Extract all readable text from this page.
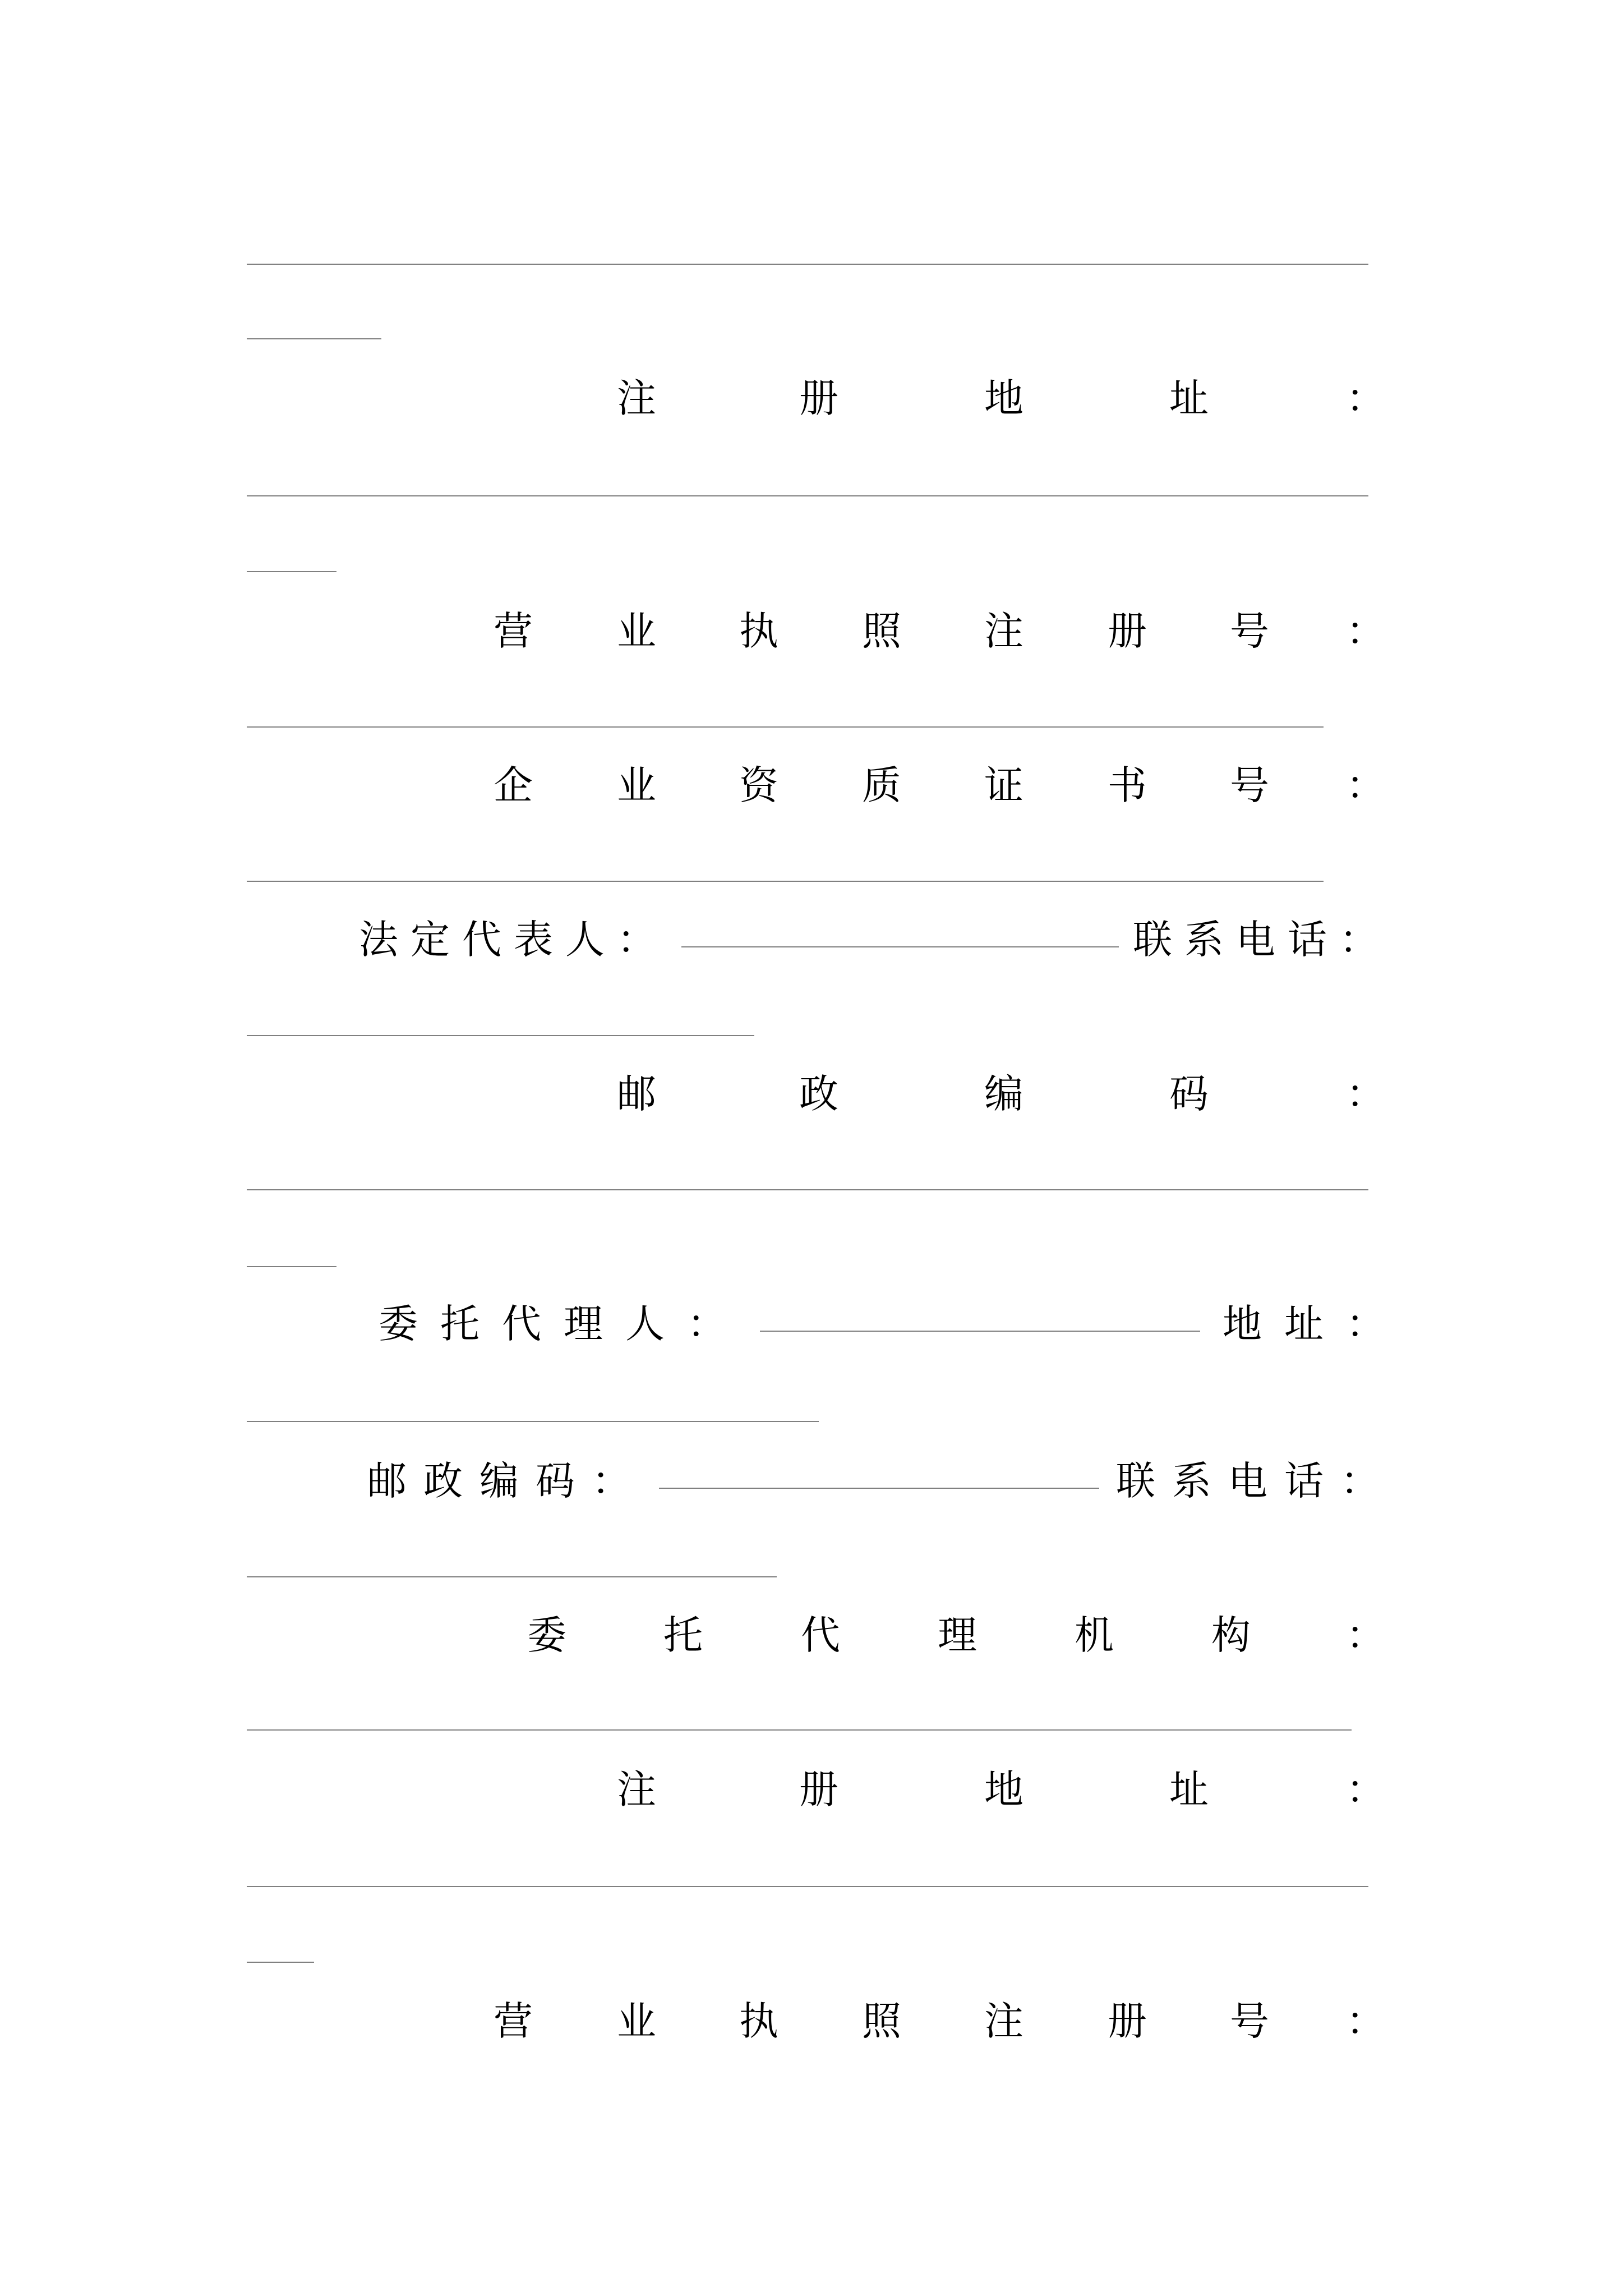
注	册	地	址	：
营 业 执 照 注 册 号 ：
企 业 资 质 证 书 号 ：
法定代表人：	联系电话：
邮	政	编	码	：
委托代理人：	地址：
邮政编码：	联系电话：
委 托	代 理 机 构 ：
注	册	地	址	：
营 业 执 照 注 册 号 ：
